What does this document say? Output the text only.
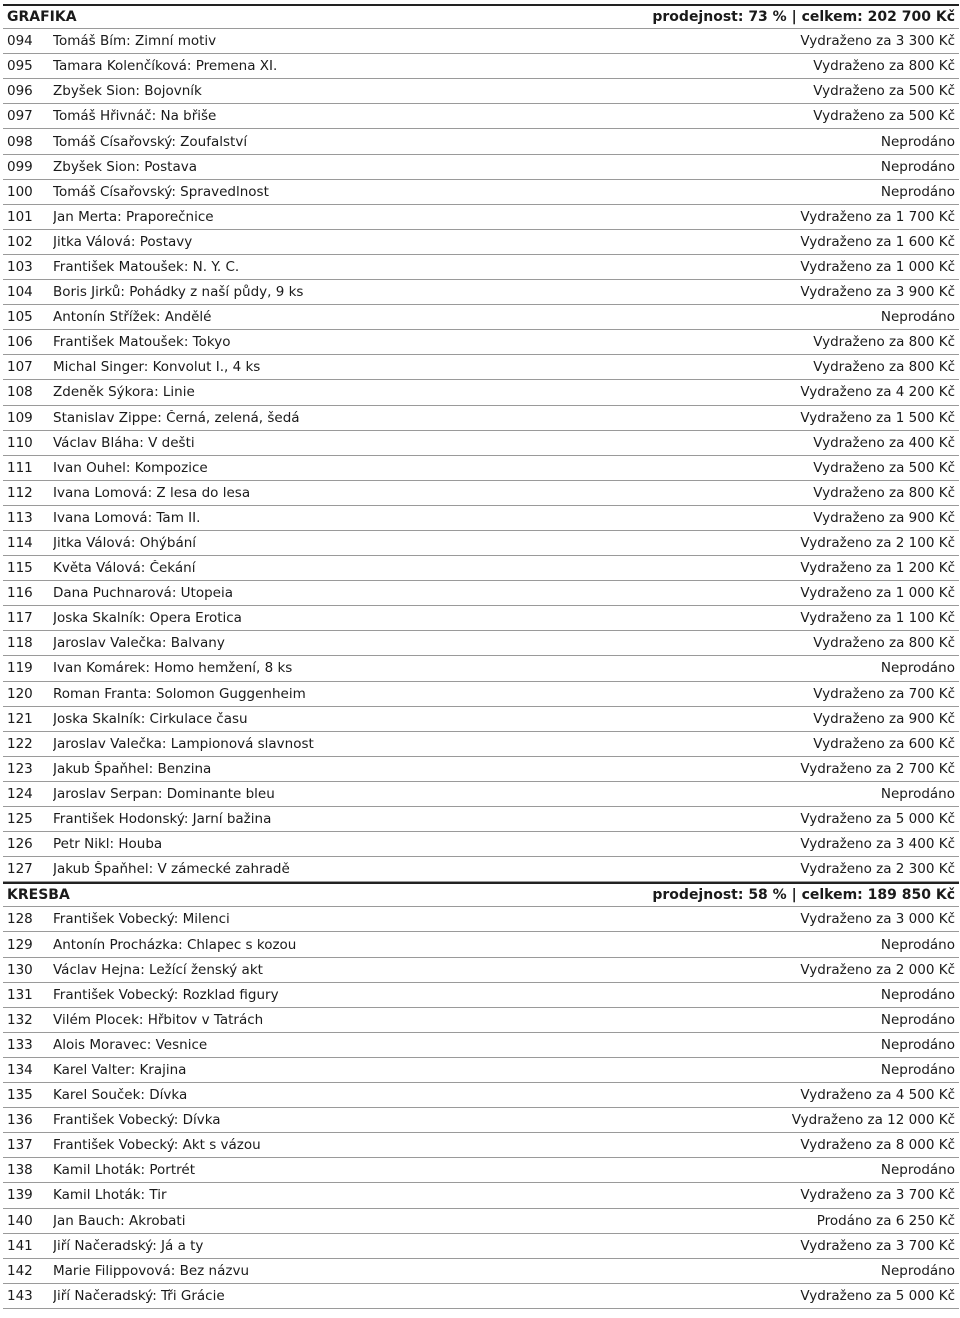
GRAFIKA	prodejnost: 73 % | celkem: 202 700 Kč
094	Tomáš Bím: Zimní motiv	Vydraženo za 3 300 Kč
095	Tamara Kolenčíková: Premena XI.	Vydraženo za 800 Kč
096	Zbyšek Sion: Bojovník	Vydraženo za 500 Kč
097	Tomáš Hřivnáč: Na břiše	Vydraženo za 500 Kč
098	Tomáš Císařovský: Zoufalství	Neprodáno
099	Zbyšek Sion: Postava	Neprodáno
100	Tomáš Císařovský: Spravedlnost	Neprodáno
101	Jan Merta: Praporečnice	Vydraženo za 1 700 Kč
102	Jitka Válová: Postavy	Vydraženo za 1 600 Kč
103	František Matoušek: N. Y. C.	Vydraženo za 1 000 Kč
104	Boris Jirků: Pohádky z naší půdy, 9 ks	Vydraženo za 3 900 Kč
105	Antonín Střížek: Andělé	Neprodáno
106	František Matoušek: Tokyo	Vydraženo za 800 Kč
107	Michal Singer: Konvolut I., 4 ks	Vydraženo za 800 Kč
108	Zdeněk Sýkora: Linie	Vydraženo za 4 200 Kč
109	Stanislav Zippe: Černá, zelená, šedá	Vydraženo za 1 500 Kč
110	Václav Bláha: V dešti	Vydraženo za 400 Kč
111	Ivan Ouhel: Kompozice	Vydraženo za 500 Kč
112	Ivana Lomová: Z lesa do lesa	Vydraženo za 800 Kč
113	Ivana Lomová: Tam II.	Vydraženo za 900 Kč
114	Jitka Válová: Ohýbání	Vydraženo za 2 100 Kč
115	Květa Válová: Čekání	Vydraženo za 1 200 Kč
116	Dana Puchnarová: Utopeia	Vydraženo za 1 000 Kč
117	Joska Skalník: Opera Erotica	Vydraženo za 1 100 Kč
118	Jaroslav Valečka: Balvany	Vydraženo za 800 Kč
119	Ivan Komárek: Homo hemžení, 8 ks	Neprodáno
120	Roman Franta: Solomon Guggenheim	Vydraženo za 700 Kč
121	Joska Skalník: Cirkulace času	Vydraženo za 900 Kč
122	Jaroslav Valečka: Lampionová slavnost	Vydraženo za 600 Kč
123	Jakub Špaňhel: Benzina	Vydraženo za 2 700 Kč
124	Jaroslav Serpan: Dominante bleu	Neprodáno
125	František Hodonský: Jarní bažina	Vydraženo za 5 000 Kč
126	Petr Nikl: Houba	Vydraženo za 3 400 Kč
127	Jakub Špaňhel: V zámecké zahradě	Vydraženo za 2 300 Kč
KRESBA	prodejnost: 58 % | celkem: 189 850 Kč
128	František Vobecký: Milenci	Vydraženo za 3 000 Kč
129	Antonín Procházka: Chlapec s kozou	Neprodáno
130	Václav Hejna: Ležící ženský akt	Vydraženo za 2 000 Kč
131	František Vobecký: Rozklad figury	Neprodáno
132	Vilém Plocek: Hřbitov v Tatrách	Neprodáno
133	Alois Moravec: Vesnice	Neprodáno
134	Karel Valter: Krajina	Neprodáno
135	Karel Souček: Dívka	Vydraženo za 4 500 Kč
136	František Vobecký: Dívka	Vydraženo za 12 000 Kč
137	František Vobecký: Akt s vázou	Vydraženo za 8 000 Kč
138	Kamil Lhoták: Portrét	Neprodáno
139	Kamil Lhoták: Tir	Vydraženo za 3 700 Kč
140	Jan Bauch: Akrobati	Prodáno za 6 250 Kč
141	Jiří Načeradský: Já a ty	Vydraženo za 3 700 Kč
142	Marie Filippovová: Bez názvu	Neprodáno
143	Jiří Načeradský: Tři Grácie	Vydraženo za 5 000 Kč
